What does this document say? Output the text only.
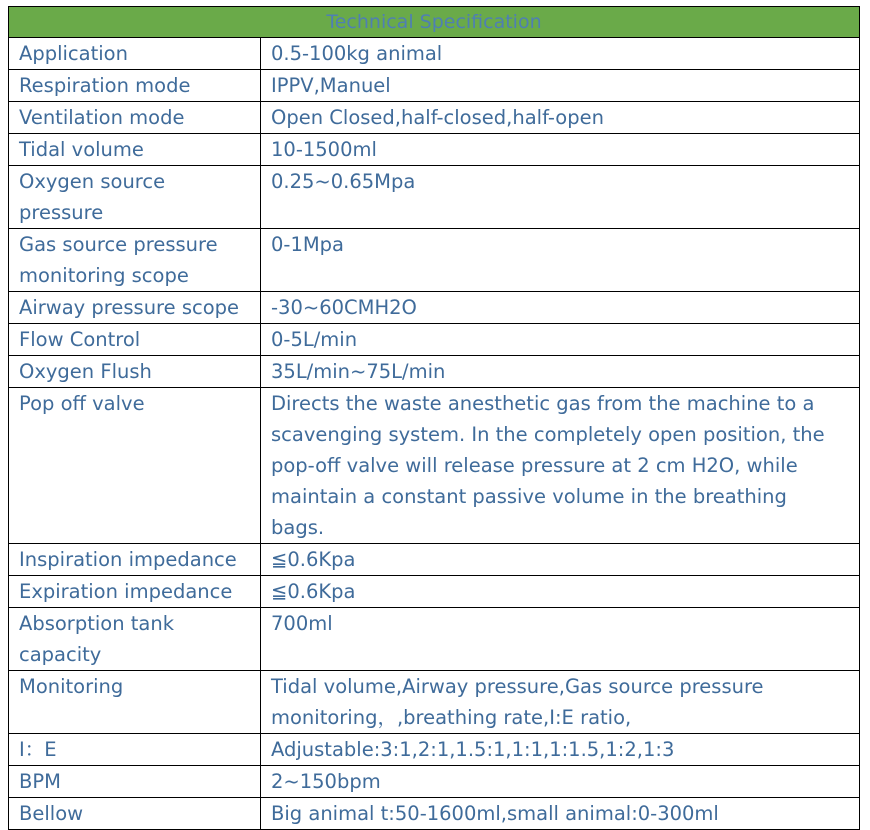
Technical Specification	
Application	0.5-100kg animal
Respiration mode	IPPV,Manuel
Ventilation mode	Open Closed,half-closed,half-open
Tidal volume	10-1500ml
Oxygen source pressure	0.25~0.65Mpa
Gas source pressure monitoring scope	0-1Mpa
Airway pressure scope	-30~60CMH2O
Flow Control	0-5L/min
Oxygen Flush	35L/min~75L/min
Pop off valve	Directs the waste anesthetic gas from the machine to a scavenging system. In the completely open position, the pop-off valve will release pressure at 2 cm H2O, while maintain a constant passive volume in the breathing bags.
Inspiration impedance	≦0.6Kpa
Expiration impedance	≦0.6Kpa
Absorption tank capacity	700ml
Monitoring	Tidal volume,Airway pressure,Gas source pressure monitoring，,breathing rate,I:E ratio,
I：E	Adjustable:3:1,2:1,1.5:1,1:1,1:1.5,1:2,1:3
BPM	2~150bpm
Bellow	Big animal t:50-1600ml,small animal:0-300ml
